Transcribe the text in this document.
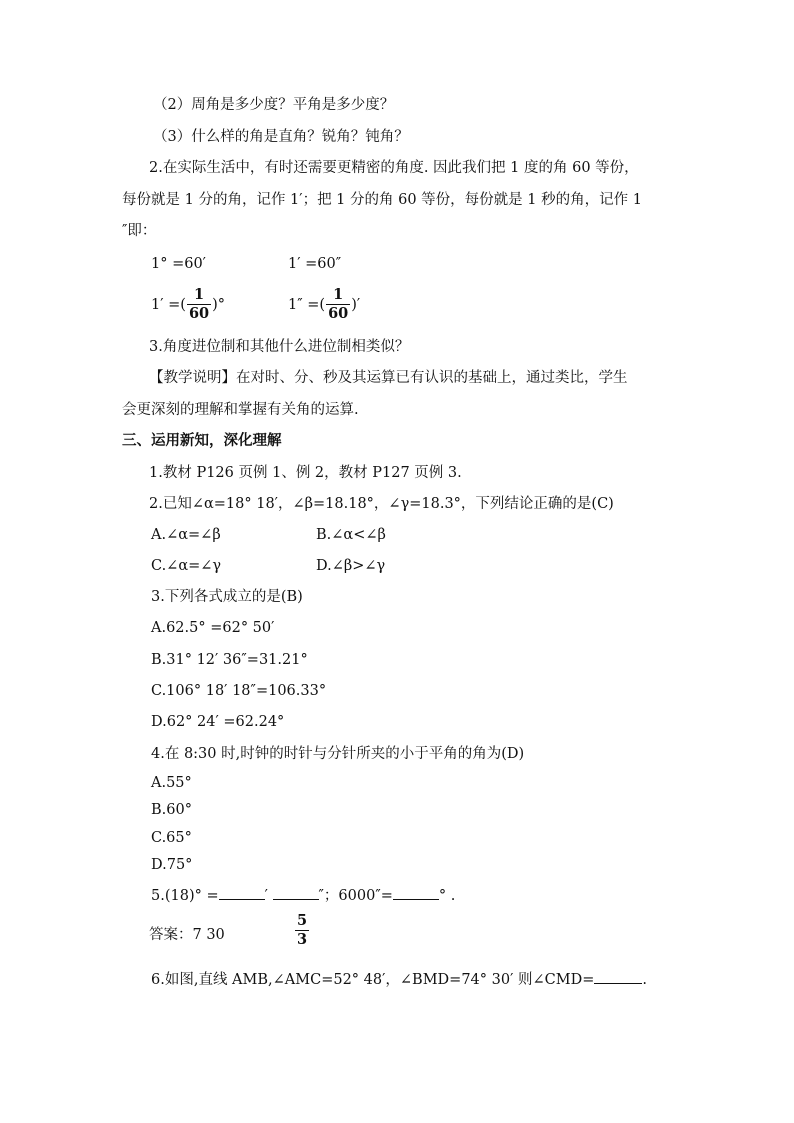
（2）周角是多少度？平角是多少度？
（3）什么样的角是直角？锐角？钝角？
2.在实际生活中，有时还需要更精密的角度. 因此我们把 1 度的角 60 等份，
每份就是 1 分的角，记作 1′；把 1 分的角 60 等份，每份就是 1 秒的角，记作 1
″即：
1° =60′	1′ =60″
1′ =( $\frac{1}{60}$ )°	1″ =( $\frac{1}{60}$ )′
3.角度进位制和其他什么进位制相类似？
【教学说明】在对时、分、秒及其运算已有认识的基础上，通过类比，学生
会更深刻的理解和掌握有关角的运算.
三、运用新知，深化理解
1.教材 P126 页例 1、例 2，教材 P127 页例 3.
2.已知∠α=18° 18′，∠β=18.18°，∠γ=18.3°，下列结论正确的是(C)
A.∠α=∠β	B.∠α<∠β
C.∠α=∠γ	D.∠β>∠γ
3.下列各式成立的是(B)
A.62.5° =62° 50′
B.31° 12′ 36″=31.21°
C.106° 18′ 18″=106.33°
D.62° 24′ =62.24°
4.在 8:30 时,时钟的时针与分针所夹的小于平角的角为(D)
A.55°
B.60°
C.65°
D.75°
5.(18)° =	′	″；6000″=	° .
答案：7 30	$\frac{5}{3}$
6.如图,直线 AMB,∠AMC=52° 48′，∠BMD=74° 30′ 则∠CMD=	.
